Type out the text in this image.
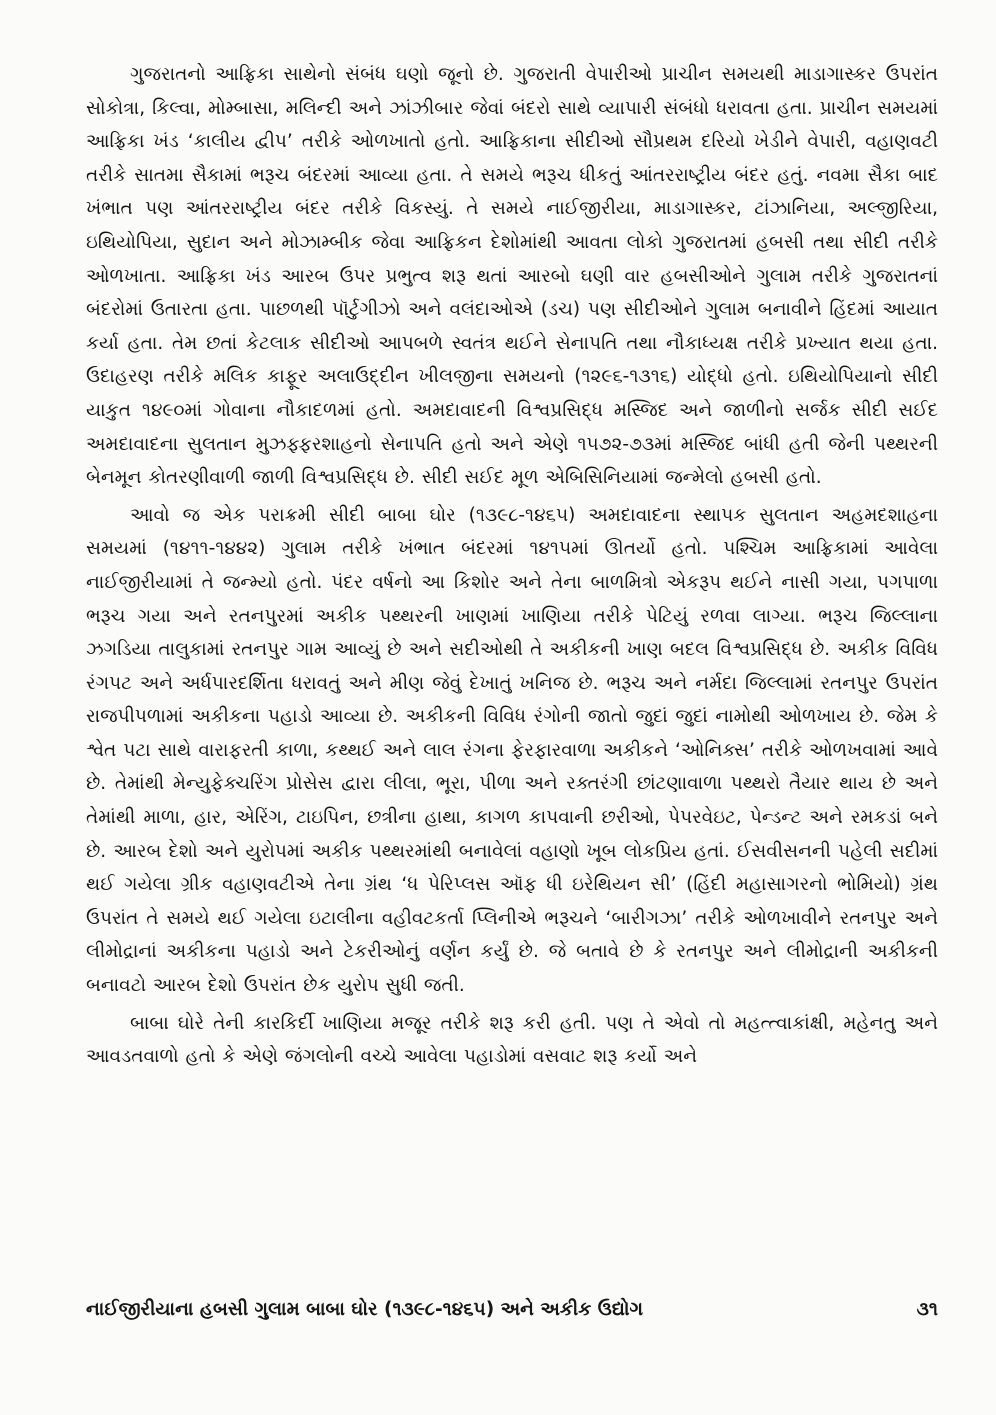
ગુજરાતનો આફ્રિકા સાથેનો સંબંધ ઘણો જૂનો છે. ગુજરાતી વેપારીઓ પ્રાચીન સમયથી માડાગાસ્કર ઉપરાંત સોકોત્રા, કિલ્વા, મોમ્બાસા, મલિન્દી અને ઝાંઝીબાર જેવાં બંદરો સાથે વ્યાપારી સંબંધો ધરાવતા હતા. પ્રાચીન સમયમાં આફ્રિકા ખંડ ‘કાલીય દ્વીપ’ તરીકે ઓળખાતો હતો. આફ્રિકાના સીદીઓ સૌપ્રથમ દરિયો ખેડીને વેપારી, વહાણવટી તરીકે સાતમા સૈકામાં ભરૂચ બંદરમાં આવ્યા હતા. તે સમયે ભરૂચ ધીકતું આંતરરાષ્ટ્રીય બંદર હતું. નવમા સૈકા બાદ ખંભાત પણ આંતરરાષ્ટ્રીય બંદર તરીકે વિકસ્યું. તે સમયે નાઈજીરીયા, માડાગાસ્કર, ટાંઝાનિયા, અલ્જીરિયા, ઇથિયોપિયા, સુદાન અને મોઝામ્બીક જેવા આફ્રિકન દેશોમાંથી આવતા લોકો ગુજરાતમાં હબસી તથા સીદી તરીકે ઓળખાતા. આફ્રિકા ખંડ આરબ ઉપર પ્રભુત્વ શરૂ થતાં આરબો ઘણી વાર હબસીઓને ગુલામ તરીકે ગુજરાતનાં બંદરોમાં ઉતારતા હતા. પાછળથી પૉર્ટુગીઝો અને વલંદાઓએ (ડચ) પણ સીદીઓને ગુલામ બનાવીને હિંદમાં આયાત કર્યા હતા. તેમ છતાં કેટલાક સીદીઓ આપબળે સ્વતંત્ર થઈને સેનાપતિ તથા નૌકાધ્યક્ષ તરીકે પ્રખ્યાત થયા હતા. ઉદાહરણ તરીકે મલિક કાફૂર અલાઉદ્દીન ખીલજીના સમયનો (૧૨૯૬-૧૩૧૬) યોદ્ધો હતો. ઇથિયોપિયાનો સીદી યાકુત ૧૪૯૦માં ગોવાના નૌકાદળમાં હતો. અમદાવાદની વિશ્વપ્રસિદ્ધ મસ્જિદ અને જાળીનો સર્જક સીદી સઈદ અમદાવાદના સુલતાન મુઝફ્ફરશાહનો સેનાપતિ હતો અને એણે ૧૫૭૨-૭૩માં મસ્જિદ બાંધી હતી જેની પથ્થરની બેનમૂન કોતરણીવાળી જાળી વિશ્વપ્રસિદ્ધ છે. સીદી સઈદ મૂળ એબિસિનિયામાં જન્મેલો હબસી હતો.

આવો જ એક પરાક્રમી સીદી બાબા ઘોર (૧૩૯૮-૧૪૬૫) અમદાવાદના સ્થાપક સુલતાન અહમદશાહના સમયમાં (૧૪૧૧-૧૪૪૨) ગુલામ તરીકે ખંભાત બંદરમાં ૧૪૧૫માં ઊતર્યો હતો. પશ્ચિમ આફ્રિકામાં આવેલા નાઈજીરીયામાં તે જન્મ્યો હતો. પંદર વર્ષનો આ કિશોર અને તેના બાળમિત્રો એકરૂપ થઈને નાસી ગયા, પગપાળા ભરૂચ ગયા અને રતનપુરમાં અકીક પથ્થરની ખાણમાં ખાણિયા તરીકે પેટિયું રળવા લાગ્યા. ભરૂચ જિલ્લાના ઝગડિયા તાલુકામાં રતનપુર ગામ આવ્યું છે અને સદીઓથી તે અકીકની ખાણ બદલ વિશ્વપ્રસિદ્ધ છે. અકીક વિવિધ રંગપટ અને અર્ધપારદર્શિતા ધરાવતું અને મીણ જેવું દેખાતું ખનિજ છે. ભરૂચ અને નર્મદા જિલ્લામાં રતનપુર ઉપરાંત રાજપીપળામાં અકીકના પહાડો આવ્યા છે. અકીકની વિવિધ રંગોની જાતો જુદાં જુદાં નામોથી ઓળખાય છે. જેમ કે શ્વેત પટા સાથે વારાફરતી કાળા, કથ્થઈ અને લાલ રંગના ફેરફારવાળા અકીકને ‘ઓનિક્સ’ તરીકે ઓળખવામાં આવે છે. તેમાંથી મેન્યુફેક્ચરિંગ પ્રોસેસ દ્વારા લીલા, ભૂરા, પીળા અને રક્તરંગી છાંટણાવાળા પથ્થરો તૈયાર થાય છે અને તેમાંથી માળા, હાર, એરિંગ, ટાઇપિન, છત્રીના હાથા, કાગળ કાપવાની છરીઓ, પેપરવેઇટ, પેન્ડન્ટ અને રમકડાં બને છે. આરબ દેશો અને યુરોપમાં અકીક પથ્થરમાંથી બનાવેલાં વહાણો ખૂબ લોકપ્રિય હતાં. ઈસવીસનની પહેલી સદીમાં થઈ ગયેલા ગ્રીક વહાણવટીએ તેના ગ્રંથ ‘ધ પેરિપ્લસ ઑફ ધી ઇરેથિયન સી’ (હિંદી મહાસાગરનો ભોમિયો) ગ્રંથ ઉપરાંત તે સમયે થઈ ગયેલા ઇટાલીના વહીવટકર્તા પ્લિનીએ ભરૂચને ‘બારીગઝા’ તરીકે ઓળખાવીને રતનપુર અને લીમોદ્રાનાં અકીકના પહાડો અને ટેકરીઓનું વર્ણન કર્યું છે. જે બતાવે છે કે રતનપુર અને લીમોદ્રાની અકીકની બનાવટો આરબ દેશો ઉપરાંત છેક યુરોપ સુધી જતી.

બાબા ઘોરે તેની કારકિર્દી ખાણિયા મજૂર તરીકે શરૂ કરી હતી. પણ તે એવો તો મહત્ત્વાકાંક્ષી, મહેનતુ અને આવડતવાળો હતો કે એણે જંગલોની વચ્ચે આવેલા પહાડોમાં વસવાટ શરૂ કર્યો અને

નાઈજીરીયાના હબસી ગુલામ બાબા ઘોર (૧૩૯૮-૧૪૬૫) અને અકીક ઉદ્યોગ	૩૧
